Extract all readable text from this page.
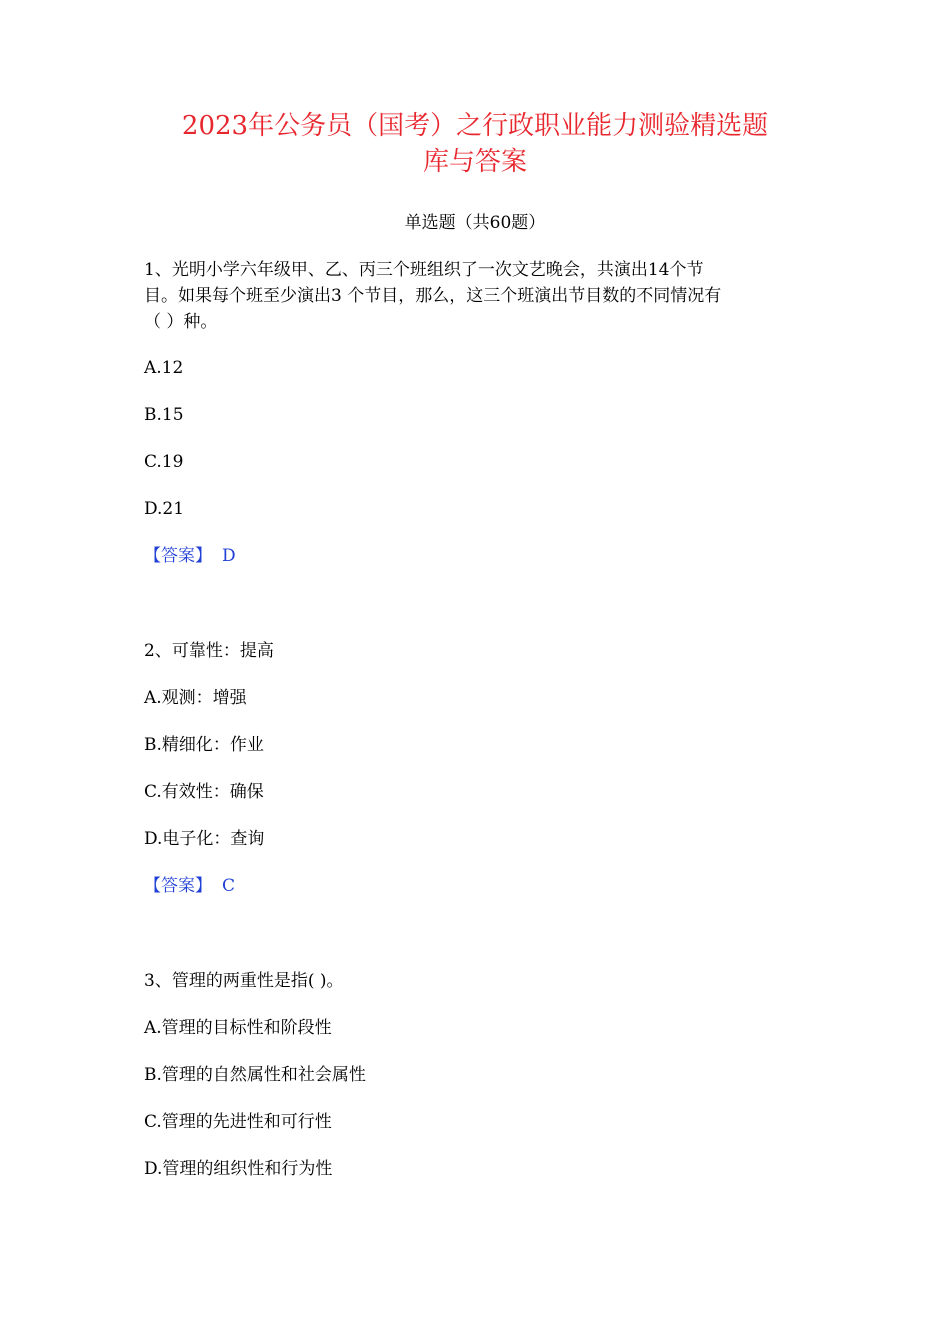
2023年公务员（国考）之行政职业能力测验精选题
库与答案
单选题（共60题）
1、光明小学六年级甲、乙、丙三个班组织了一次文艺晚会，共演出14个节
目。如果每个班至少演出3 个节目，那么，这三个班演出节目数的不同情况有
（ ）种。
A.12
B.15
C.19
D.21
【答案】 D
2、可靠性：提高
A.观测：增强
B.精细化：作业
C.有效性：确保
D.电子化：查询
【答案】 C
3、管理的两重性是指( )。
A.管理的目标性和阶段性
B.管理的自然属性和社会属性
C.管理的先进性和可行性
D.管理的组织性和行为性
